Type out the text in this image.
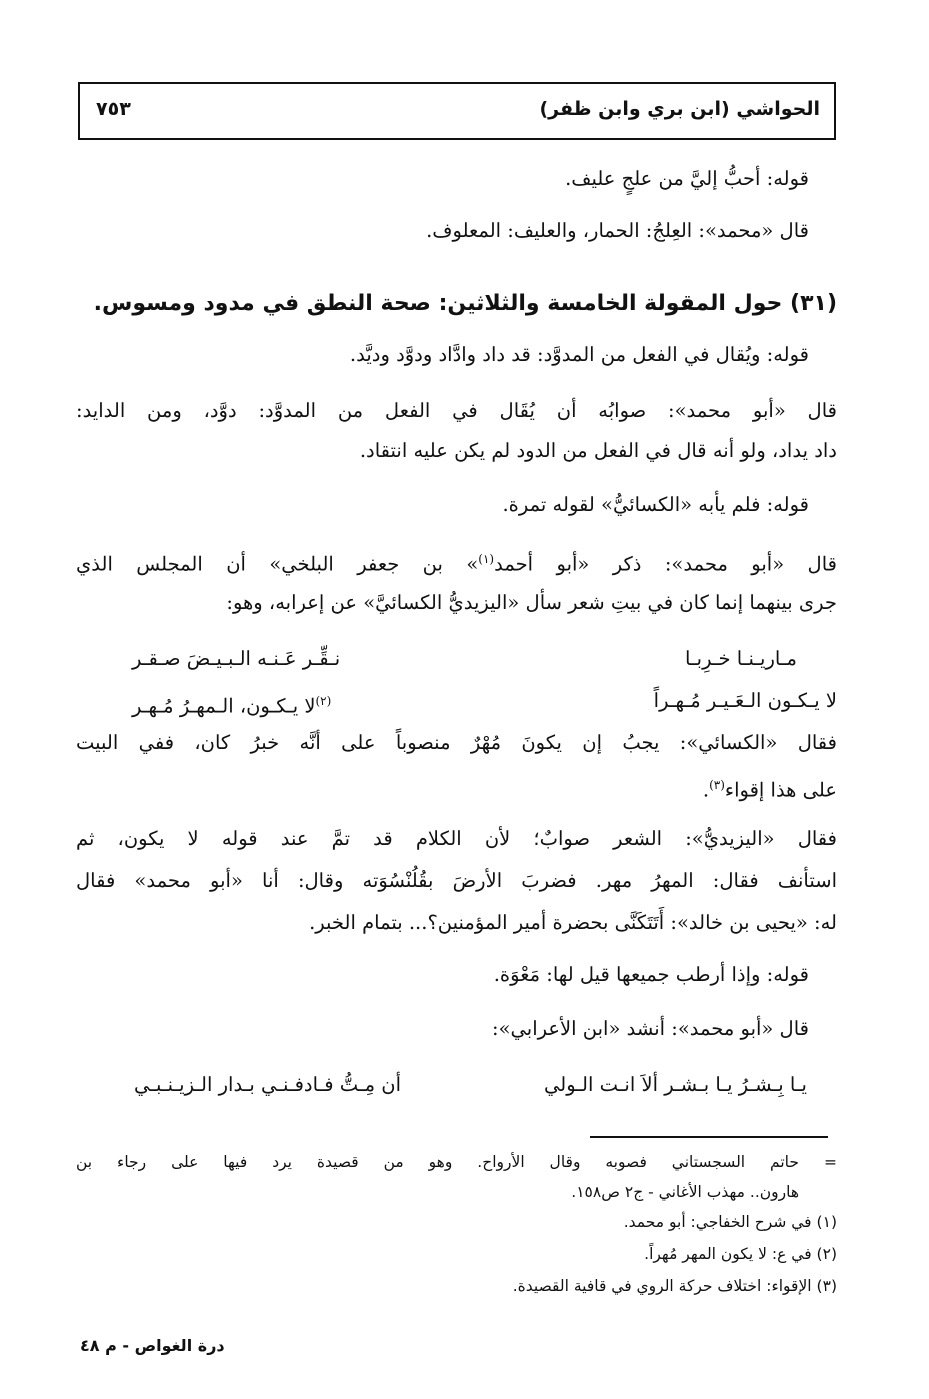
الحواشي (ابن بري وابن ظفر)
٧٥٣
قوله: أحبُّ إليَّ من علجٍ عليف.
قال «محمد»: العِلجُ: الحمار، والعليف: المعلوف.
(٣١) حول المقولة الخامسة والثلاثين: صحة النطق في مدود ومسوس.
قوله: ويُقال في الفعل من المدوَّد: قد داد وادَّاد ودوَّد وديَّد.
قال «أبو محمد»: صوابُه أن يُقَال في الفعل من المدوَّد: دوَّد، ومن الدايد:
داد يداد، ولو أنه قال في الفعل من الدود لم يكن عليه انتقاد.
قوله: فلم يأبه «الكسائيُّ» لقوله تمرة.
قال «أبو محمد»: ذكر «أبو أحمد$^{(١)}$» بن جعفر البلخي» أن المجلس الذي
جرى بينهما إنما كان في بيتِ شعر سأل «اليزيديُّ الكسائيَّ» عن إعرابه، وهو:
مـاريـنـا خـرِبـا
نـقِّـر عَـنـه الـبـيـضَ صـقـر
لا يـكـون الـعَـيـر مُـهـراً
$^{(٢)}$لا يـكـون، الـمهـرُ مُـهـر
فقال «الكسائي»: يجبُ إن يكونَ مُهْرٌ منصوباً على أنَّه خبرُ كان، ففي البيت
على هذا إقواء$^{(٣)}$.
فقال «اليزيديُّ»: الشعر صوابٌ؛ لأن الكلام قد تمَّ عند قوله لا يكون، ثم
استأنف فقال: المهرُ مهر. فضربَ الأرضَ بقُلُنْسُوَته وقال: أنا «أبو محمد» فقال
له: «يحيى بن خالد»: أَتَتَكَنَّى بحضرة أمير المؤمنين؟... بتمام الخبر.
قوله: وإذا أرطب جميعها قيل لها: مَعْوَة.
قال «أبو محمد»: أنشد «ابن الأعرابي»:
يـا بِـشـرُ يـا بـشـر ألاَ انـت الـولي
أن مِـتُّ فـادفـنـي بـدار الـزيـنـبـي
=
حاتم السجستاني فصوبه وقال الأرواح. وهو من قصيدة يرد فيها على رجاء بن
هارون.. مهذب الأغاني - ج٢ ص١٥٨.
(١) في شرح الخفاجي: أبو محمد.
(٢) في ع: لا يكون المهر مُهراً.
(٣) الإقواء: اختلاف حركة الروي في قافية القصيدة.
درة الغواص - م ٤٨
